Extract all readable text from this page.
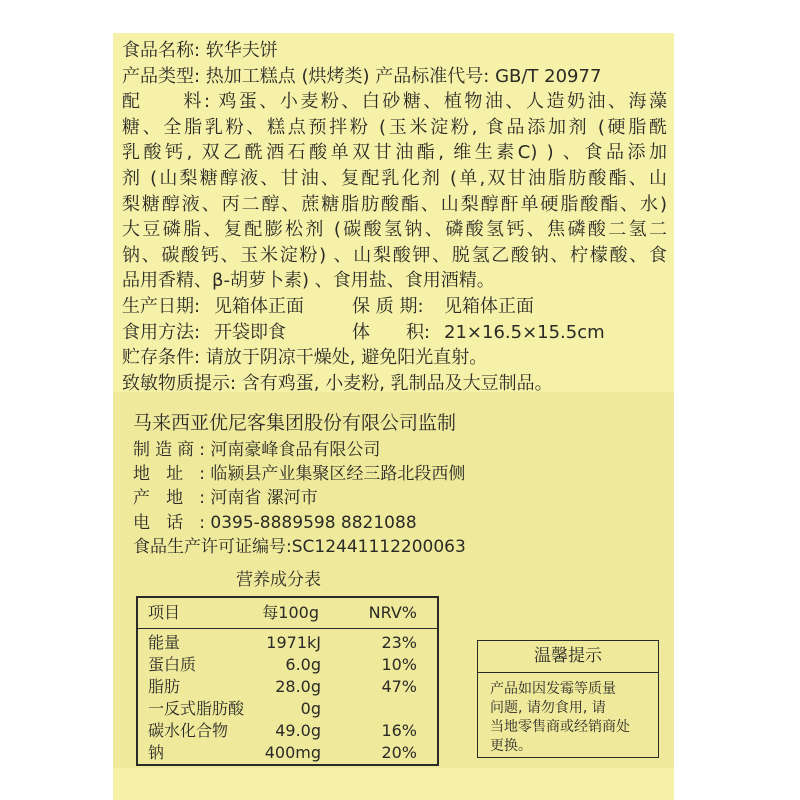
食品名称: 软华夫饼
产品类型: 热加工糕点 (烘烤类) 产品标准代号: GB/T 20977
配　　料: 鸡蛋、小麦粉、白砂糖、植物油、人造奶油、海藻
糖、全脂乳粉、糕点预拌粉 (玉米淀粉, 食品添加剂 (硬脂酰
乳酸钙, 双乙酰酒石酸单双甘油酯, 维生素C) ) 、食品添加
剂 (山梨糖醇液、甘油、复配乳化剂 (单,双甘油脂肪酸酯、山
梨糖醇液、丙二醇、蔗糖脂肪酸酯、山梨醇酐单硬脂酸酯、水)
大豆磷脂、复配膨松剂 (碳酸氢钠、磷酸氢钙、焦磷酸二氢二
钠、碳酸钙、玉米淀粉) 、山梨酸钾、脱氢乙酸钠、柠檬酸、食
品用香精、β-胡萝卜素) 、食用盐、食用酒精。
生产日期:见箱体正面	保 质 期:见箱体正面
食用方法:开袋即食	体　　积:21×16.5×15.5cm
贮存条件: 请放于阴凉干燥处, 避免阳光直射。
致敏物质提示: 含有鸡蛋, 小麦粉, 乳制品及大豆制品。
马来西亚优尼客集团股份有限公司监制
制造商: 河南豪峰食品有限公司
地址: 临颍县产业集聚区经三路北段西侧
产地: 河南省 漯河市
电话: 0395-8889598 8821088
食品生产许可证编号:SC12441112200063
营养成分表
项目	每100g	NRV%
能量	1971kJ	23%
蛋白质	6.0g	10%
脂肪	28.0g	47%
一反式脂肪酸	0g
碳水化合物	49.0g	16%
钠	400mg	20%
温馨提示
产品如因发霉等质量
问题, 请勿食用, 请
当地零售商或经销商处
更换。
